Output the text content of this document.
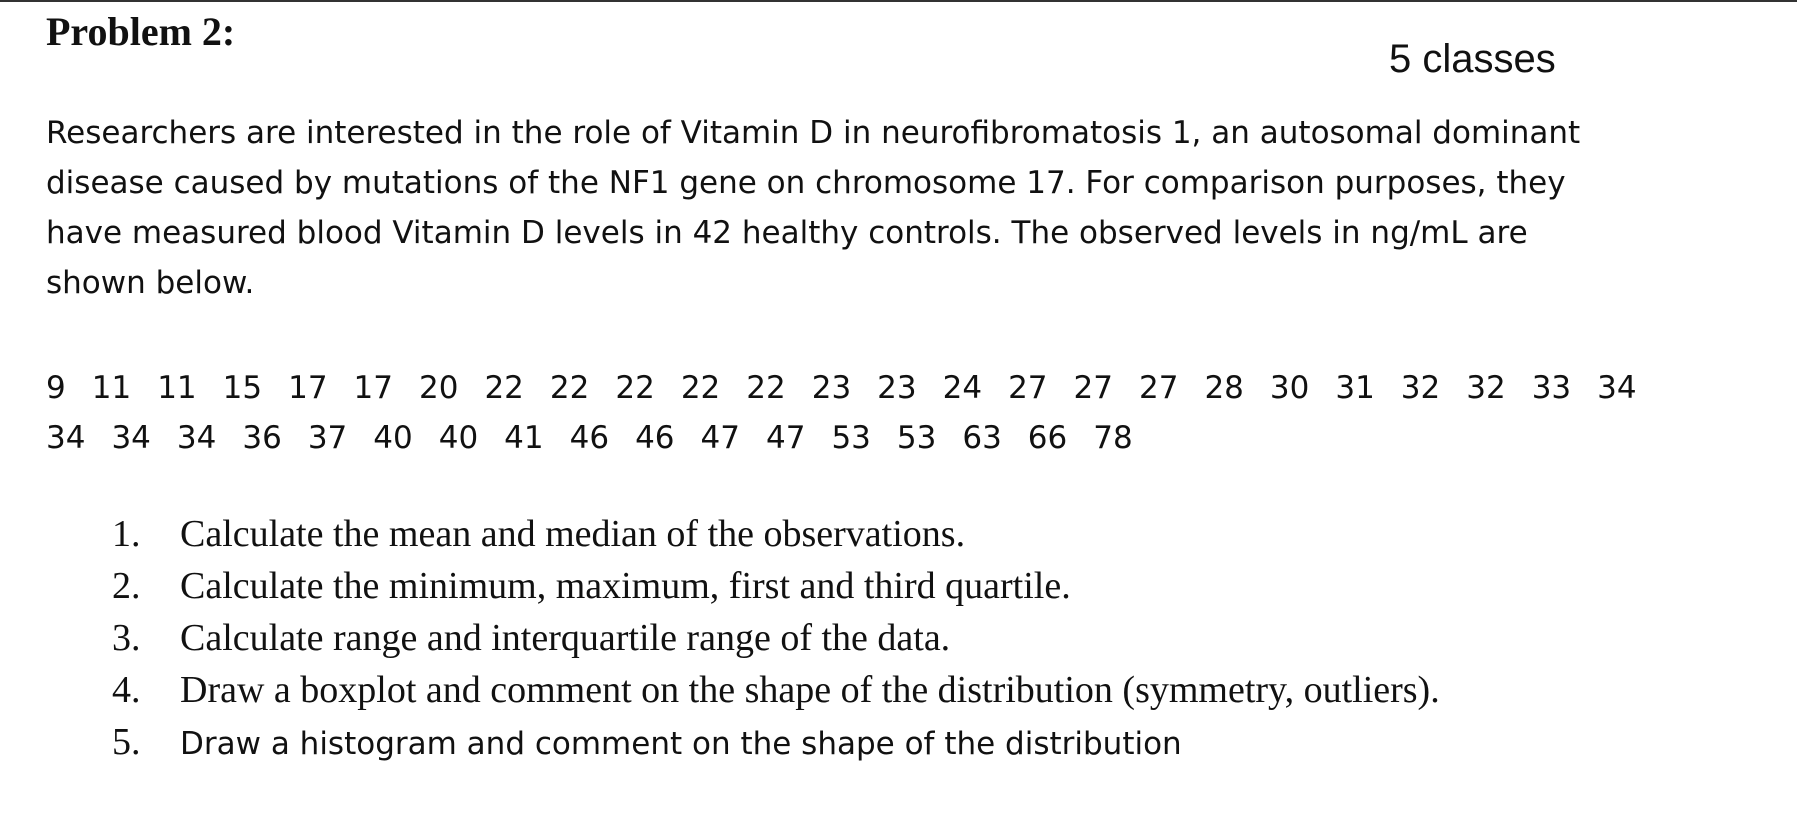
Problem 2:
5 classes
Researchers are interested in the role of Vitamin D in neurofibromatosis 1, an autosomal dominant
disease caused by mutations of the NF1 gene on chromosome 17. For comparison purposes, they
have measured blood Vitamin D levels in 42 healthy controls. The observed levels in ng/mL are
shown below.
9 11 11 15 17 17 20 22 22 22 22 22 23 23 24 27 27 27 28 30 31 32 32 33 34
34 34 34 36 37 40 40 41 46 46 47 47 53 53 63 66 78
1.	Calculate the mean and median of the observations.
2.	Calculate the minimum, maximum, first and third quartile.
3.	Calculate range and interquartile range of the data.
4.	Draw a boxplot and comment on the shape of the distribution (symmetry, outliers).
5.	Draw a histogram and comment on the shape of the distribution
